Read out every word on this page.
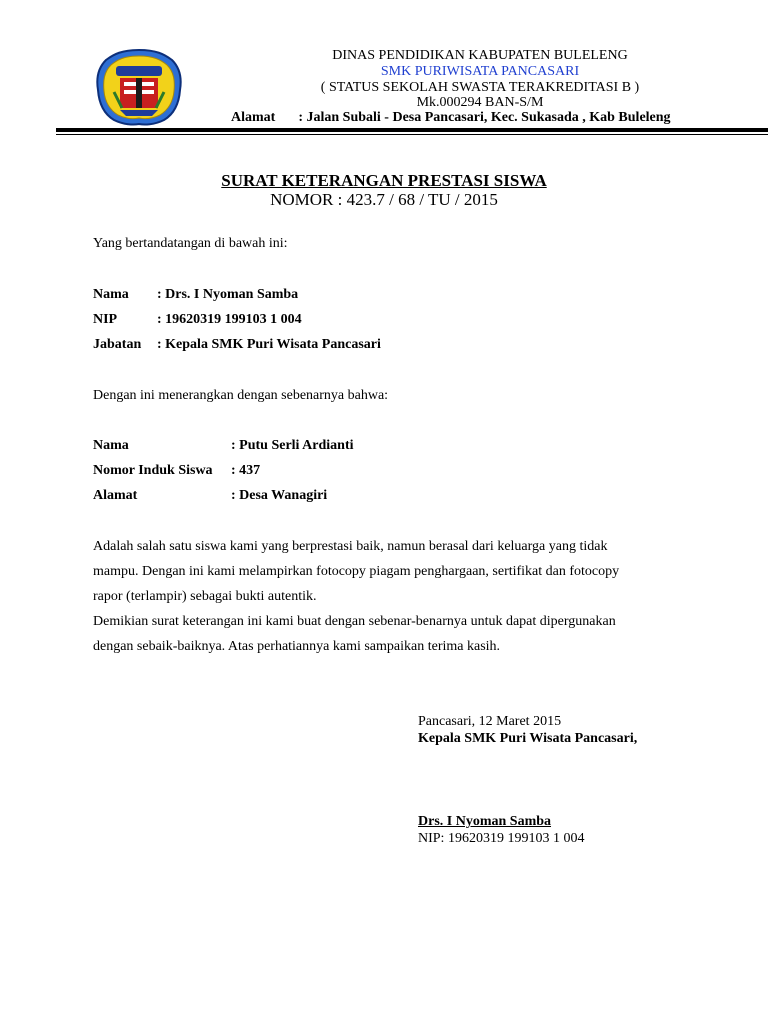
DINAS PENDIDIKAN KABUPATEN BULELENG
SMK PURIWISATA PANCASARI
( STATUS SEKOLAH SWASTA TERAKREDITASI B )
Mk.000294 BAN-S/M
Alamat : Jalan Subali - Desa Pancasari, Kec. Sukasada , Kab Buleleng
SURAT KETERANGAN PRESTASI SISWA
NOMOR : 423.7 / 68 / TU / 2015
Yang bertandatangan di bawah ini:
Nama : Drs. I Nyoman Samba
NIP	: 19620319 199103 1 004
Jabatan : Kepala SMK Puri Wisata Pancasari
Dengan ini menerangkan dengan sebenarnya bahwa:
Nama	: Putu Serli Ardianti
Nomor Induk Siswa : 437
Alamat	: Desa Wanagiri
Adalah salah satu siswa kami yang berprestasi baik, namun berasal dari keluarga yang tidak
mampu. Dengan ini kami melampirkan fotocopy piagam penghargaan, sertifikat dan fotocopy
rapor (terlampir) sebagai bukti autentik.
Demikian surat keterangan ini kami buat dengan sebenar-benarnya untuk dapat dipergunakan
dengan sebaik-baiknya. Atas perhatiannya kami sampaikan terima kasih.
Pancasari, 12 Maret 2015
Kepala SMK Puri Wisata Pancasari,
Drs. I Nyoman Samba
NIP: 19620319 199103 1 004
